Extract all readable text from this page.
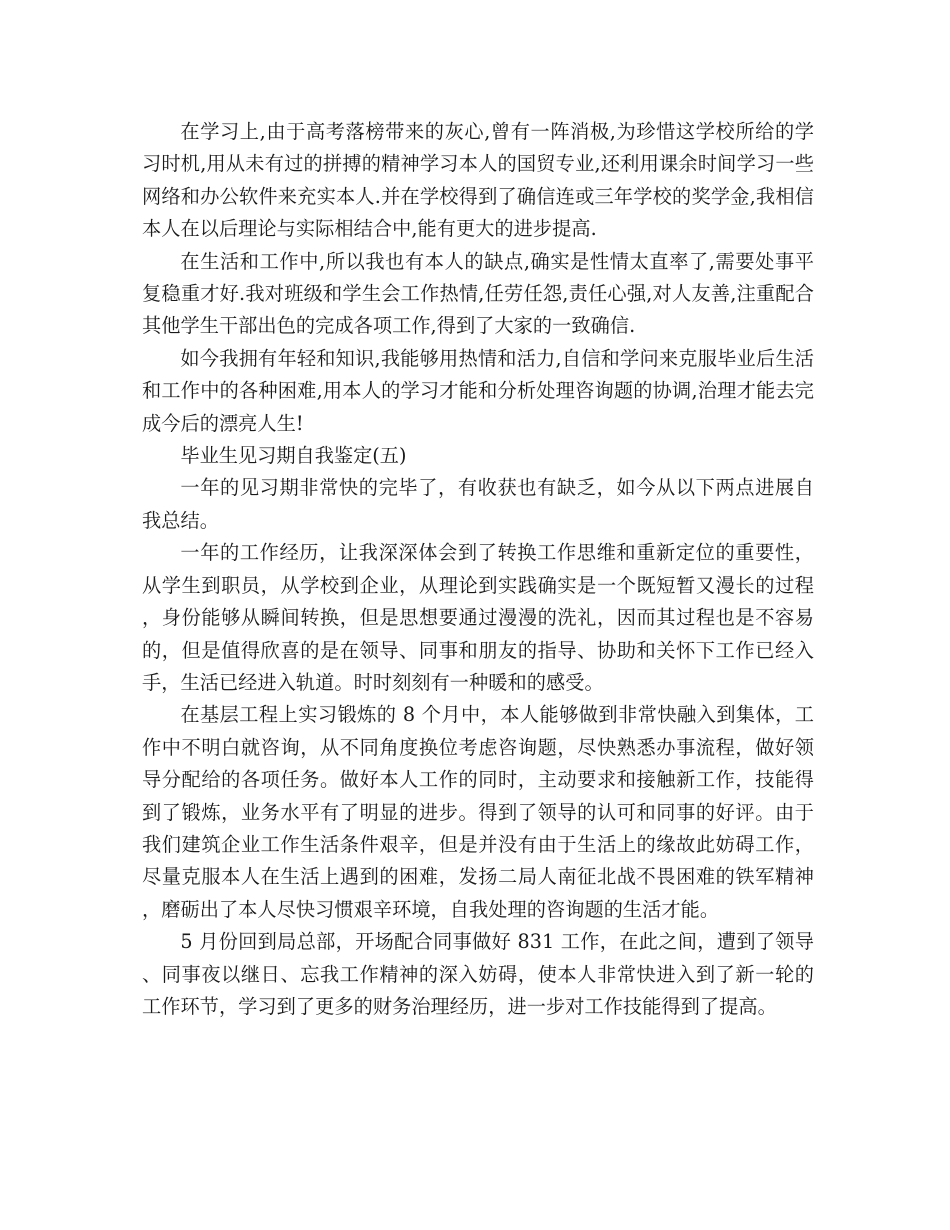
在学习上,由于高考落榜带来的灰心,曾有一阵消极,为珍惜这学校所给的学习时机,用从未有过的拼搏的精神学习本人的国贸专业,还利用课余时间学习一些网络和办公软件来充实本人.并在学校得到了确信连或三年学校的奖学金,我相信本人在以后理论与实际相结合中,能有更大的进步提高.

在生活和工作中,所以我也有本人的缺点,确实是性情太直率了,需要处事平复稳重才好.我对班级和学生会工作热情,任劳任怨,责任心强,对人友善,注重配合其他学生干部出色的完成各项工作,得到了大家的一致确信.

如今我拥有年轻和知识,我能够用热情和活力,自信和学问来克服毕业后生活和工作中的各种困难,用本人的学习才能和分析处理咨询题的协调,治理才能去完成今后的漂亮人生!

毕业生见习期自我鉴定(五)

一年的见习期非常快的完毕了，有收获也有缺乏，如今从以下两点进展自我总结。

一年的工作经历，让我深深体会到了转换工作思维和重新定位的重要性，从学生到职员，从学校到企业，从理论到实践确实是一个既短暂又漫长的过程，身份能够从瞬间转换，但是思想要通过漫漫的洗礼，因而其过程也是不容易的，但是值得欣喜的是在领导、同事和朋友的指导、协助和关怀下工作已经入手，生活已经进入轨道。时时刻刻有一种暖和的感受。

在基层工程上实习锻炼的 8 个月中，本人能够做到非常快融入到集体，工作中不明白就咨询，从不同角度换位考虑咨询题，尽快熟悉办事流程，做好领导分配给的各项任务。做好本人工作的同时，主动要求和接触新工作，技能得到了锻炼，业务水平有了明显的进步。得到了领导的认可和同事的好评。由于我们建筑企业工作生活条件艰辛，但是并没有由于生活上的缘故此妨碍工作，尽量克服本人在生活上遇到的困难，发扬二局人南征北战不畏困难的铁军精神，磨砺出了本人尽快习惯艰辛环境，自我处理的咨询题的生活才能。

5 月份回到局总部，开场配合同事做好 831 工作，在此之间，遭到了领导、同事夜以继日、忘我工作精神的深入妨碍，使本人非常快进入到了新一轮的工作环节，学习到了更多的财务治理经历，进一步对工作技能得到了提高。
